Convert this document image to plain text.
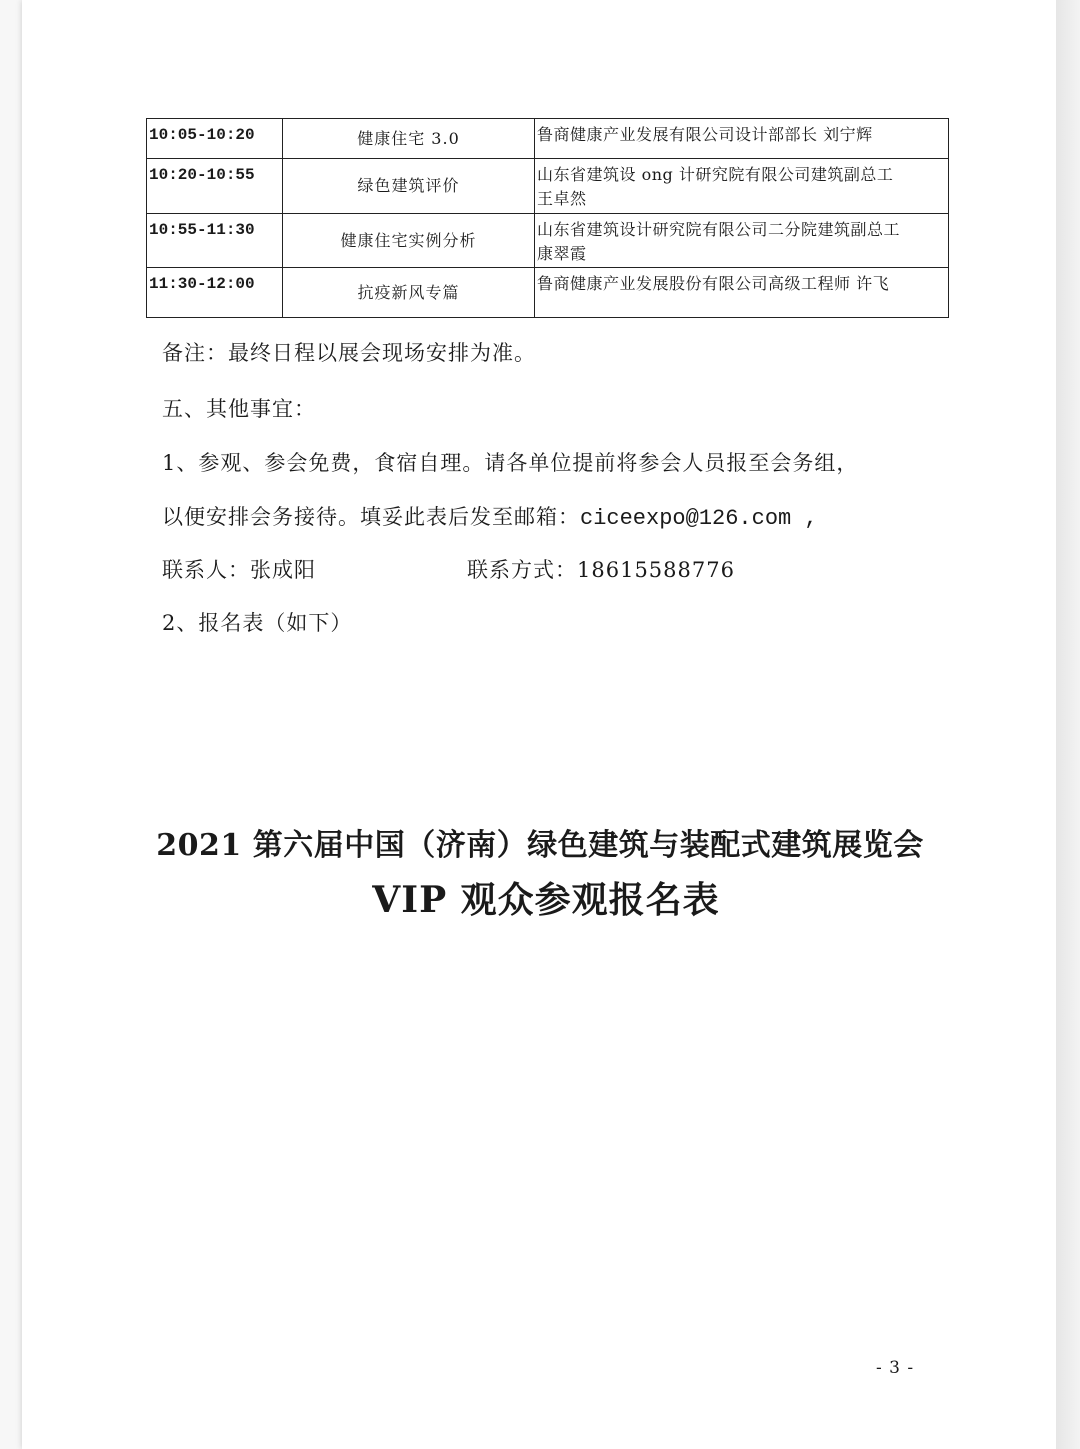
10:05-10:20	健康住宅 3.0	鲁商健康产业发展有限公司设计部部长 刘宁辉
10:20-10:55	绿色建筑评价	山东省建筑设 ong 计研究院有限公司建筑副总工
王卓然

10:55-11:30	健康住宅实例分析	山东省建筑设计研究院有限公司二分院建筑副总工
康翠霞

11:30-12:00	抗疫新风专篇	鲁商健康产业发展股份有限公司高级工程师 许飞
备注：最终日程以展会现场安排为准。
五、其他事宜：
1、参观、参会免费，食宿自理。请各单位提前将参会人员报至会务组，
以便安排会务接待。填妥此表后发至邮箱：ciceexpo@126.com ,
联系人：张成阳	联系方式：18615588776
2、报名表（如下）
2021 第六届中国（济南）绿色建筑与装配式建筑展览会
VIP 观众参观报名表
- 3 -
